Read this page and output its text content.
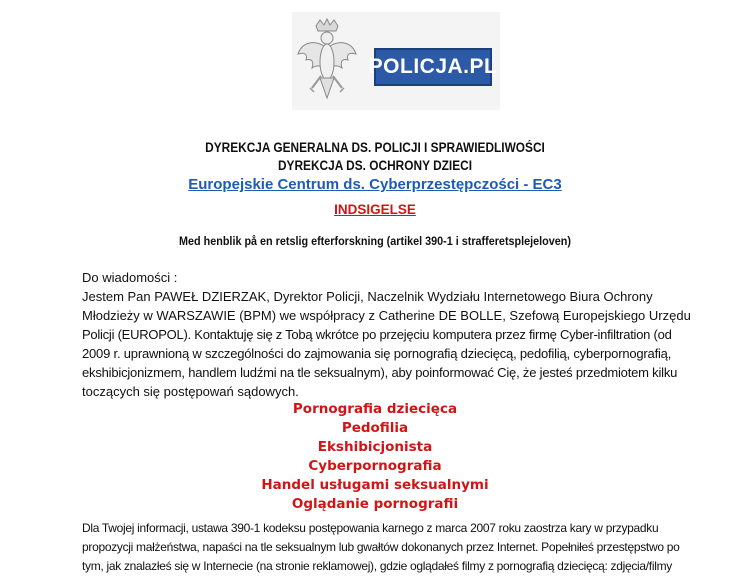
POLICJA.PL
DYREKCJA GENERALNA DS. POLICJI I SPRAWIEDLIWOŚCI
DYREKCJA DS. OCHRONY DZIECI
Europejskie Centrum ds. Cyberprzestępczości - EC3
INDSIGELSE
Med henblik på en retslig efterforskning (artikel 390-1 i strafferetsplejeloven)
Do wiadomości :
Jestem Pan PAWEŁ DZIERZAK, Dyrektor Policji, Naczelnik Wydziału Internetowego Biura Ochrony
Młodzieży w WARSZAWIE (BPM) we współpracy z Catherine DE BOLLE, Szefową Europejskiego Urzędu
Policji (EUROPOL). Kontaktuję się z Tobą wkrótce po przejęciu komputera przez firmę Cyber-infiltration (od
2009 r. uprawnioną w szczególności do zajmowania się pornografią dziecięcą, pedofilią, cyberpornografią,
ekshibicjonizmem, handlem ludźmi na tle seksualnym), aby poinformować Cię, że jesteś przedmiotem kilku
toczących się postępowań sądowych.
Pornografia dziecięca
Pedofilia
Ekshibicjonista
Cyberpornografia
Handel usługami seksualnymi
Oglądanie pornografii
Dla Twojej informacji, ustawa 390-1 kodeksu postępowania karnego z marca 2007 roku zaostrza kary w przypadku
propozycji małżeństwa, napaści na tle seksualnym lub gwałtów dokonanych przez Internet. Popełniłeś przestępstwo po
tym, jak znalazłeś się w Internecie (na stronie reklamowej), gdzie oglądałeś filmy z pornografią dziecięcą: zdjęcia/filmy
